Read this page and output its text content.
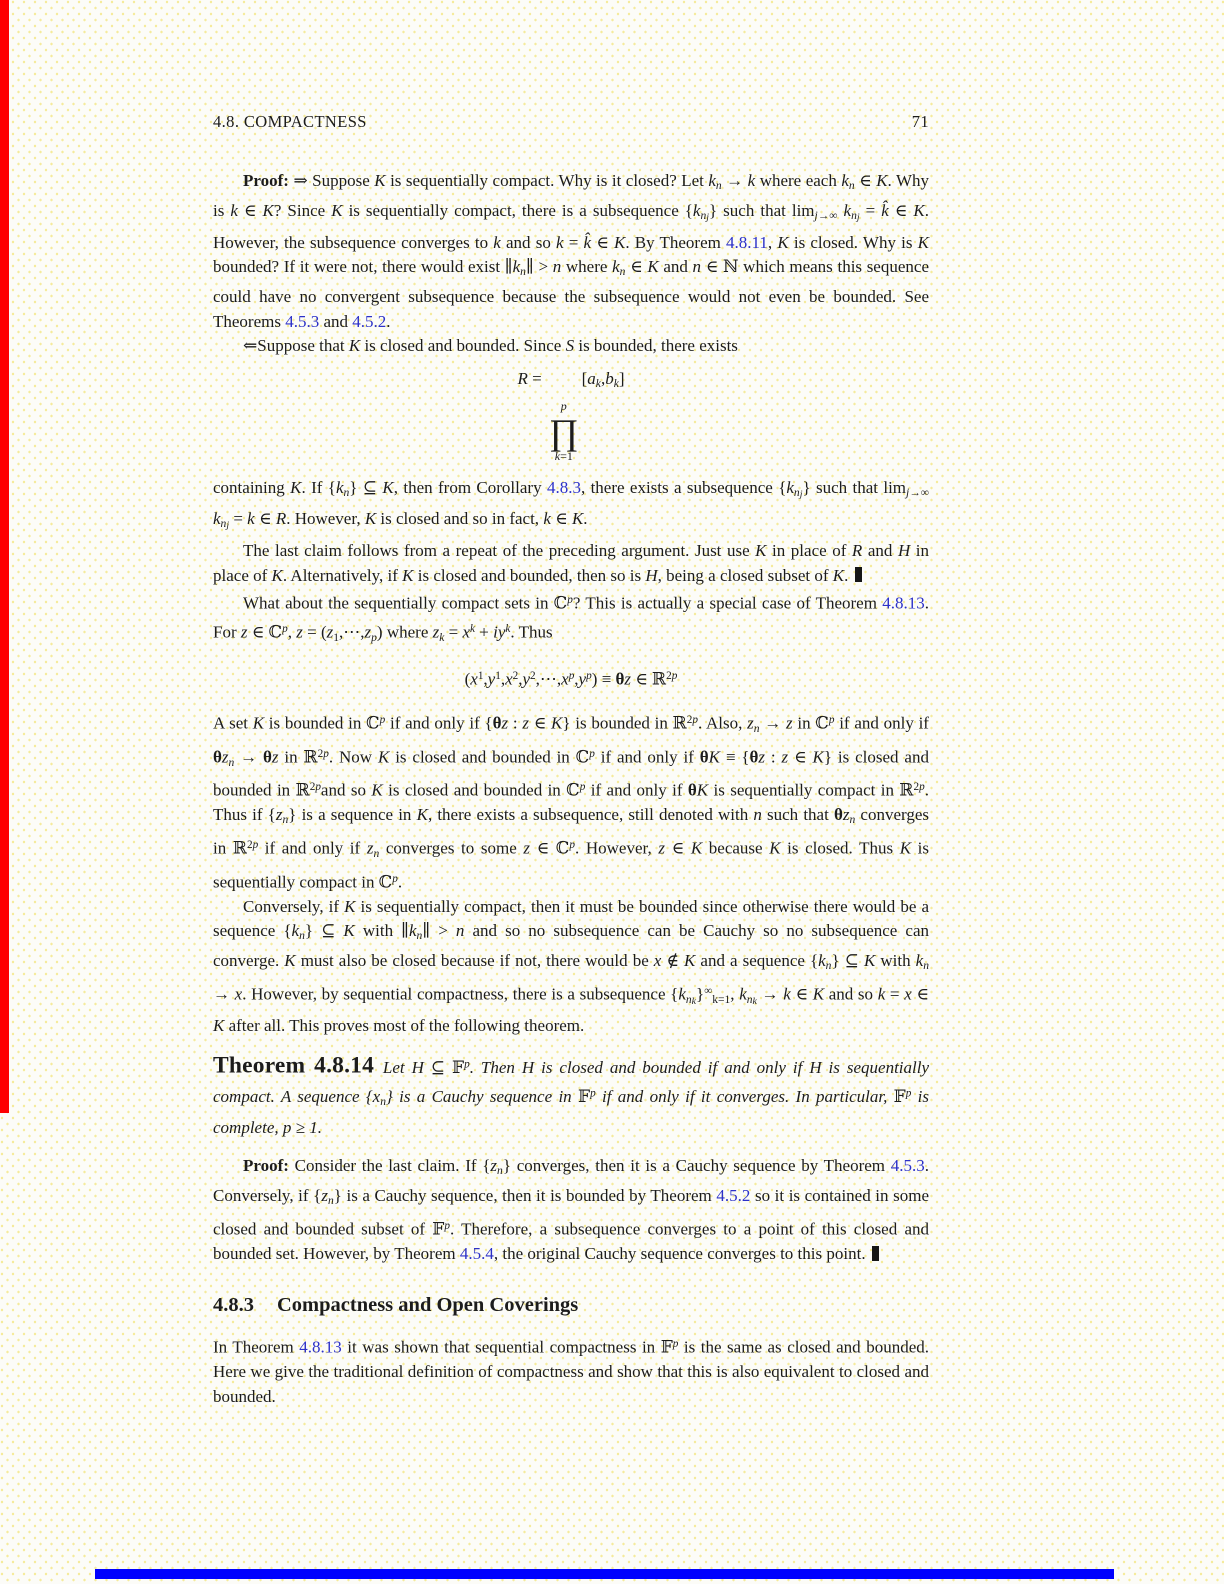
4.8. COMPACTNESS	71

Proof: ⇒ Suppose K is sequentially compact. Why is it closed? Let kn → k where each kn ∈ K. Why is k ∈ K? Since K is sequentially compact, there is a subsequence $\{kn_j\}$ such that limj→∞ $kn_j$ = k̂ ∈ K. However, the subsequence converges to k and so k = k̂ ∈ K. By Theorem 4.8.11, K is closed. Why is K bounded? If it were not, there would exist ∥kn∥ > n where kn ∈ K and n ∈ ℕ which means this sequence could have no convergent subsequence because the subsequence would not even be bounded. See Theorems 4.5.3 and 4.5.2.

⇐Suppose that K is closed and bounded. Since S is bounded, there exists

R =
p
∏
k=1
[ak,bk]

containing K. If {kn} ⊆ K, then from Corollary 4.8.3, there exists a subsequence $\{kn_j\}$ such that limj→∞ $kn_j = k$ ∈ R. However, K is closed and so in fact, k ∈ K.

The last claim follows from a repeat of the preceding argument. Just use K in place of R and H in place of K. Alternatively, if K is closed and bounded, then so is H, being a closed subset of K.

What about the sequentially compact sets in ℂ$^p$? This is actually a special case of Theorem 4.8.13. For z ∈ ℂ$^p$, z = (z1,⋯,zp) where zk = $x^k + iy^k$. Thus

$(x^1,y^1,x^2,y^2,\cdots,x^p,y^p) \equiv \theta z$ ∈ ℝ$^{2p}$

A set K is bounded in ℂ$^p$ if and only if {θz : z ∈ K} is bounded in ℝ$^{2p}$. Also, zn → z in ℂ$^p$ if and only if θzn → θz in ℝ$^{2p}$. Now K is closed and bounded in ℂ$^p$ if and only if θK ≡ {θz : z ∈ K} is closed and bounded in ℝ$^{2p}$and so K is closed and bounded in ℂ$^p$ if and only if θK is sequentially compact in ℝ$^{2p}$. Thus if {zn} is a sequence in K, there exists a subsequence, still denoted with n such that θzn converges in ℝ$^{2p}$ if and only if zn converges to some z ∈ ℂ$^p$. However, z ∈ K because K is closed. Thus K is sequentially compact in ℂ$^p$.

Conversely, if K is sequentially compact, then it must be bounded since otherwise there would be a sequence {kn} ⊆ K with ∥kn∥ > n and so no subsequence can be Cauchy so no subsequence can converge. K must also be closed because if not, there would be x ∉ K and a sequence {kn} ⊆ K with kn → x. However, by sequential compactness, there is a subsequence $\{kn_k\}^\infty k=1$, $kn_k \to k$ ∈ K and so k = x ∈ K after all. This proves most of the following theorem.

Theorem 4.8.14 Let H ⊆ 𝔽$^p$. Then H is closed and bounded if and only if H is sequentially compact. A sequence {xn} is a Cauchy sequence in 𝔽$^p$ if and only if it converges. In particular, 𝔽$^p$ is complete, p ≥ 1.

Proof: Consider the last claim. If {zn} converges, then it is a Cauchy sequence by Theorem 4.5.3. Conversely, if {zn} is a Cauchy sequence, then it is bounded by Theorem 4.5.2 so it is contained in some closed and bounded subset of 𝔽$^p$. Therefore, a subsequence converges to a point of this closed and bounded set. However, by Theorem 4.5.4, the original Cauchy sequence converges to this point.

4.8.3 Compactness and Open Coverings

In Theorem 4.8.13 it was shown that sequential compactness in 𝔽$^p$ is the same as closed and bounded. Here we give the traditional definition of compactness and show that this is also equivalent to closed and bounded.
